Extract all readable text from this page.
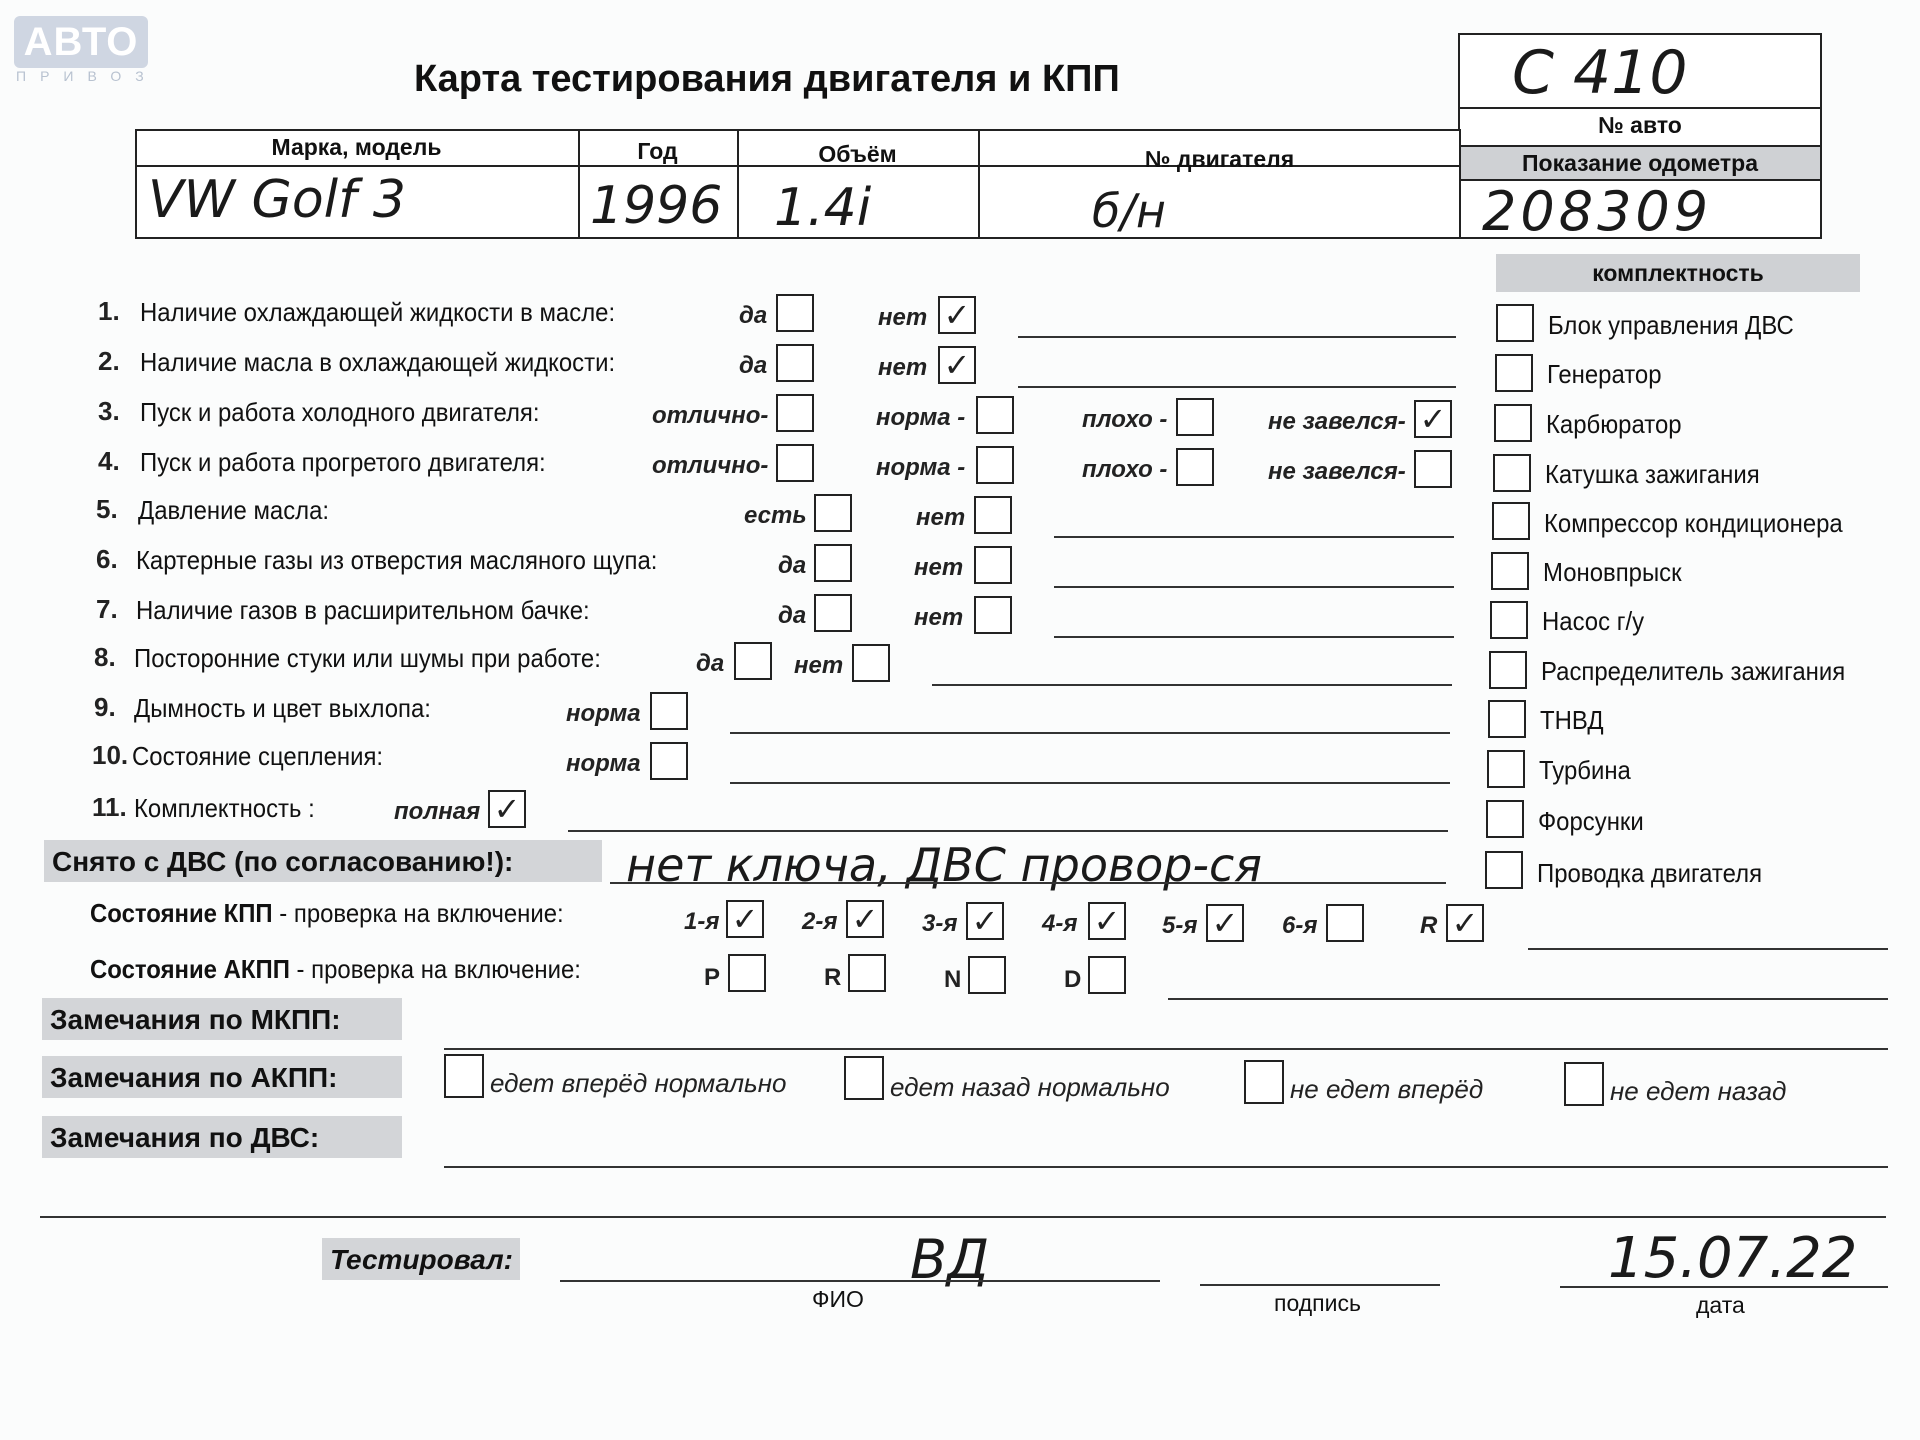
АВТО
ПРИВОЗ	Карта тестирования двигателя и КПП	С 410
№ авто
Показание одометра
208309
Марка, модель	Год	Объём	№ двигателя
VW Golf 3	1996 1.4i	б/н
1. Наличие охлаждающей жидкости в масле:	да	нет ✓
2. Наличие масла в охлаждающей жидкости:	да	нет ✓
3. Пуск и работа холодного двигателя:	отлично-	норма -	плохо -	не завелся- ✓
4. Пуск и работа прогретого двигателя:	отлично-	норма -	плохо -	не завелся-
5. Давление масла:	есть	нет
6. Картерные газы из отверстия масляного щупа:	да	нет
7. Наличие газов в расширительном бачке:	да	нет
8. Посторонние стуки или шумы при работе:	да	нет
9. Дымность и цвет выхлопа:	норма
10. Состояние сцепления:	норма
11. Комплектность :	полная ✓
комплектность
Блок управления ДВС
Генератор
Карбюратор
Катушка зажигания
Компрессор кондиционера
Моновпрыск
Насос г/у
Распределитель зажигания
ТНВД
Турбина
Форсунки
Проводка двигателя
Снято с ДВС (по согласованию!):	нет ключа, ДВС провор-ся
Состояние КПП - проверка на включение:	1-я ✓ 2-я ✓ 3-я ✓ 4-я ✓ 5-я ✓ 6-я	R ✓
Состояние АКПП - проверка на включение:	P	R	N	D
Замечания по МКПП:
Замечания по АКПП:	едет вперёд нормально	едет назад нормально	не едет вперёд	не едет назад
Замечания по ДВС:
Тестировал:	ВД
ФИО	подпись
15.07.22
дата
